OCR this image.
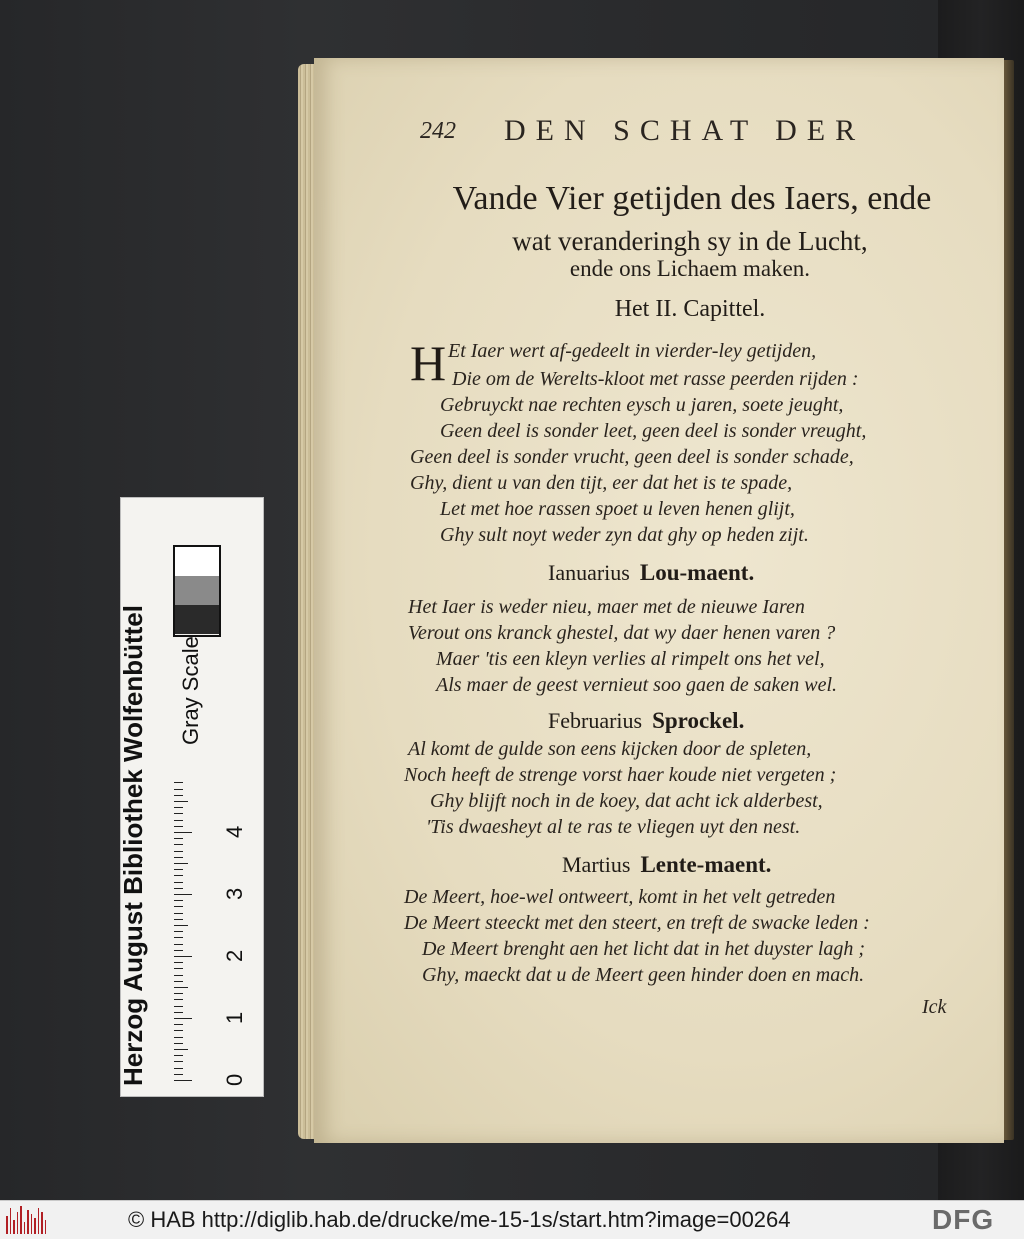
242 DEN SCHAT DER
Vande Vier getijden des Iaers, ende
wat veranderingh sy in de Lucht,
ende ons Lichaem maken.
Het II. Capittel.
H Et Iaer wert af-gedeelt in vierder-ley getijden,
Die om de Werelts-kloot met rasse peerden rijden :
Gebruyckt nae rechten eysch u jaren, soete jeught,
Geen deel is sonder leet, geen deel is sonder vreught,
Geen deel is sonder vrucht, geen deel is sonder schade,
Ghy, dient u van den tijt, eer dat het is te spade,
Let met hoe rassen spoet u leven henen glijt,
Ghy sult noyt weder zyn dat ghy op heden zijt.
Ianuarius Lou-maent.
Het Iaer is weder nieu, maer met de nieuwe Iaren
Verout ons kranck ghestel, dat wy daer henen varen ?
Maer 'tis een kleyn verlies al rimpelt ons het vel,
Als maer de geest vernieut soo gaen de saken wel.
Februarius Sprockel.
Al komt de gulde son eens kijcken door de spleten,
Noch heeft de strenge vorst haer koude niet vergeten ;
Ghy blijft noch in de koey, dat acht ick alderbest,
'Tis dwaesheyt al te ras te vliegen uyt den nest.
Martius Lente-maent.
De Meert, hoe-wel ontweert, komt in het velt getreden
De Meert steeckt met den steert, en treft de swacke leden :
De Meert brenght aen het licht dat in het duyster lagh ;
Ghy, maeckt dat u de Meert geen hinder doen en mach.
Ick
Herzog August Bibliothek Wolfenbüttel Gray Scale
0
1
2
3
4
© HAB http://diglib.hab.de/drucke/me-15-1s/start.htm?image=00264	DFG
